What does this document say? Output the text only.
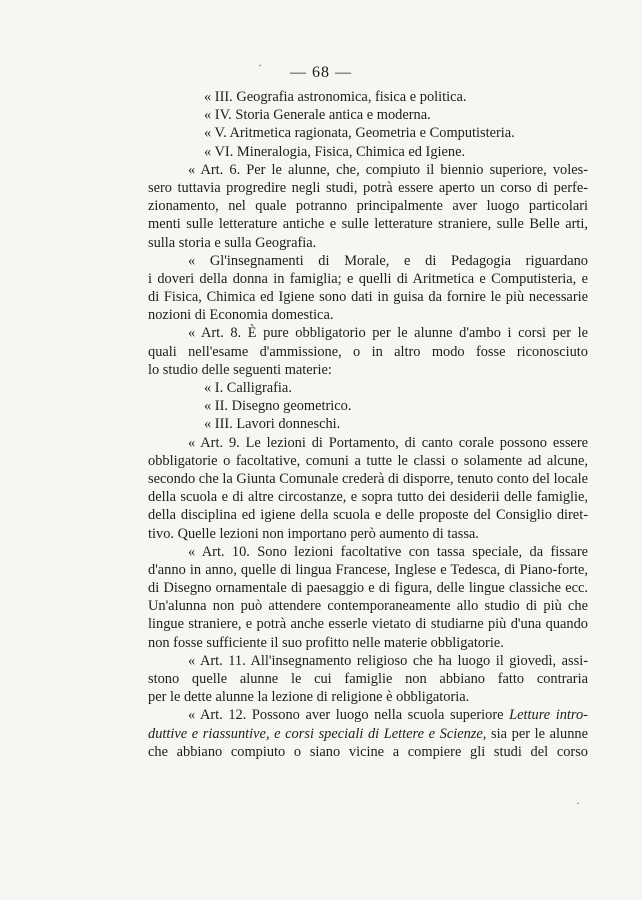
— 68 —
« III. Geografia astronomica, fisica e politica.
« IV. Storia Generale antica e moderna.
« V. Aritmetica ragionata, Geometria e Computisteria.
« VI. Mineralogia, Fisica, Chimica ed Igiene.
« Art. 6. Per le alunne, che, compiuto il biennio superiore, voles-
sero tuttavia progredire negli studi, potrà essere aperto un corso di perfe-
zionamento, nel quale potranno principalmente aver luogo particolari
menti sulle letterature antiche e sulle letterature straniere, sulle Belle arti,
sulla storia e sulla Geografia.
« Gl'insegnamenti di Morale, e di Pedagogia riguardano
i doveri della donna in famiglia; e quelli di Aritmetica e Computisteria, e
di Fisica, Chimica ed Igiene sono dati in guisa da fornire le più necessarie
nozioni di Economia domestica.
« Art. 8. È pure obbligatorio per le alunne d'ambo i corsi per le
quali nell'esame d'ammissione, o in altro modo fosse riconosciuto
lo studio delle seguenti materie:
« I. Calligrafia.
« II. Disegno geometrico.
« III. Lavori donneschi.
« Art. 9. Le lezioni di Portamento, di canto corale possono essere
obbligatorie o facoltative, comuni a tutte le classi o solamente ad alcune,
secondo che la Giunta Comunale crederà di disporre, tenuto conto del locale
della scuola e di altre circostanze, e sopra tutto dei desiderii delle famiglie,
della disciplina ed igiene della scuola e delle proposte del Consiglio diret-
tivo. Quelle lezioni non importano però aumento di tassa.
« Art. 10. Sono lezioni facoltative con tassa speciale, da fissare
d'anno in anno, quelle di lingua Francese, Inglese e Tedesca, di Piano-forte,
di Disegno ornamentale di paesaggio e di figura, delle lingue classiche ecc.
Un'alunna non può attendere contemporaneamente allo studio di più che
lingue straniere, e potrà anche esserle vietato di studiarne più d'una quando
non fosse sufficiente il suo profitto nelle materie obbligatorie.
« Art. 11. All'insegnamento religioso che ha luogo il giovedì, assi-
stono quelle alunne le cui famiglie non abbiano fatto contraria
per le dette alunne la lezione di religione è obbligatoria.
« Art. 12. Possono aver luogo nella scuola superiore Letture intro-
duttive e riassuntive, e corsi speciali di Lettere e Scienze, sia per le alunne
che abbiano compiuto o siano vicine a compiere gli studi del corso
ˊ
·
